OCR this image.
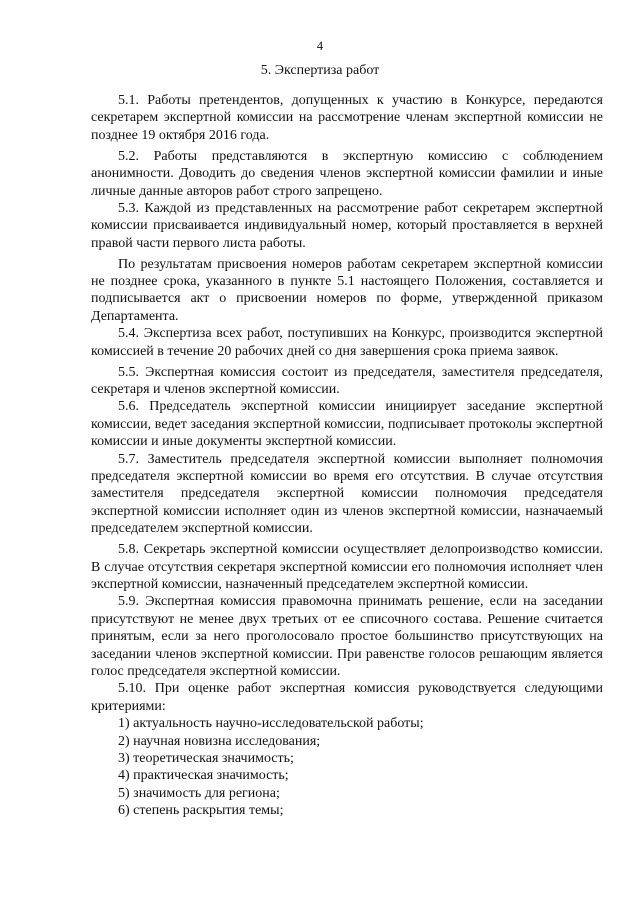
4
5. Экспертиза работ

5.1. Работы претендентов, допущенных к участию в Конкурсе, передаются секретарем экспертной комиссии на рассмотрение членам экспертной комиссии не позднее 19 октября 2016 года.

5.2. Работы представляются в экспертную комиссию с соблюдением анонимности. Доводить до сведения членов экспертной комиссии фамилии и иные личные данные авторов работ строго запрещено.

5.3. Каждой из представленных на рассмотрение работ секретарем экспертной комиссии присваивается индивидуальный номер, который проставляется в верхней правой части первого листа работы.

По результатам присвоения номеров работам секретарем экспертной комиссии не позднее срока, указанного в пункте 5.1 настоящего Положения, составляется и подписывается акт о присвоении номеров по форме, утвержденной приказом Департамента.

5.4. Экспертиза всех работ, поступивших на Конкурс, производится экспертной комиссией в течение 20 рабочих дней со дня завершения срока приема заявок.

5.5. Экспертная комиссия состоит из председателя, заместителя председателя, секретаря и членов экспертной комиссии.

5.6. Председатель экспертной комиссии инициирует заседание экспертной комиссии, ведет заседания экспертной комиссии, подписывает протоколы экспертной комиссии и иные документы экспертной комиссии.

5.7. Заместитель председателя экспертной комиссии выполняет полномочия председателя экспертной комиссии во время его отсутствия. В случае отсутствия заместителя председателя экспертной комиссии полномочия председателя экспертной комиссии исполняет один из членов экспертной комиссии, назначаемый председателем экспертной комиссии.

5.8. Секретарь экспертной комиссии осуществляет делопроизводство комиссии. В случае отсутствия секретаря экспертной комиссии его полномочия исполняет член экспертной комиссии, назначенный председателем экспертной комиссии.

5.9. Экспертная комиссия правомочна принимать решение, если на заседании присутствуют не менее двух третьих от ее списочного состава. Решение считается принятым, если за него проголосовало простое большинство присутствующих на заседании членов экспертной комиссии. При равенстве голосов решающим является голос председателя экспертной комиссии.

5.10. При оценке работ экспертная комиссия руководствуется следующими критериями:

1) актуальность научно-исследовательской работы;
2) научная новизна исследования;
3) теоретическая значимость;
4) практическая значимость;
5) значимость для региона;
6) степень раскрытия темы;
